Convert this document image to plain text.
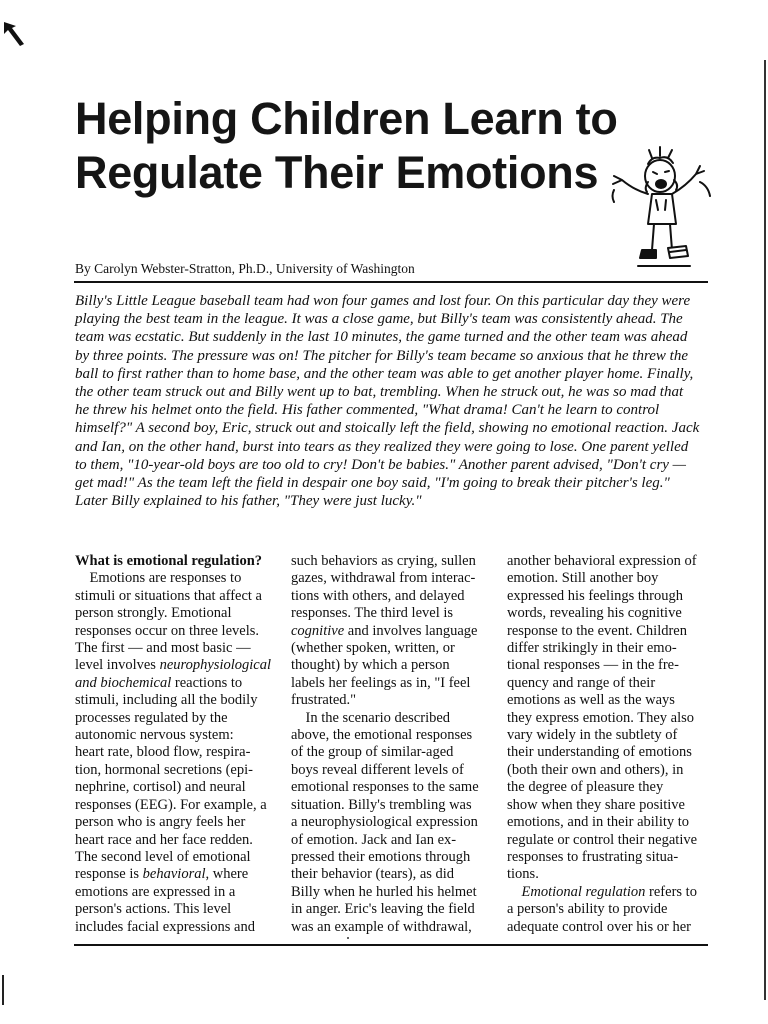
Helping Children Learn to
Regulate Their Emotions
By Carolyn Webster-Stratton, Ph.D., University of Washington
Billy's Little League baseball team had won four games and lost four. On this particular day they were
playing the best team in the league. It was a close game, but Billy's team was consistently ahead. The
team was ecstatic. But suddenly in the last 10 minutes, the game turned and the other team was ahead
by three points. The pressure was on! The pitcher for Billy's team became so anxious that he threw the
ball to first rather than to home base, and the other team was able to get another player home. Finally,
the other team struck out and Billy went up to bat, trembling. When he struck out, he was so mad that
he threw his helmet onto the field. His father commented, "What drama! Can't he learn to control
himself?" A second boy, Eric, struck out and stoically left the field, showing no emotional reaction. Jack
and Ian, on the other hand, burst into tears as they realized they were going to lose. One parent yelled
to them, "10-year-old boys are too old to cry! Don't be babies." Another parent advised, "Don't cry —
get mad!" As the team left the field in despair one boy said, "I'm going to break their pitcher's leg."
Later Billy explained to his father, "They were just lucky."
What is emotional regulation?
Emotions are responses to
stimuli or situations that affect a
person strongly. Emotional
responses occur on three levels.
The first — and most basic —
level involves neurophysiological
and biochemical reactions to
stimuli, including all the bodily
processes regulated by the
autonomic nervous system:
heart rate, blood flow, respira-
tion, hormonal secretions (epi-
nephrine, cortisol) and neural
responses (EEG). For example, a
person who is angry feels her
heart race and her face redden.
The second level of emotional
response is behavioral, where
emotions are expressed in a
person's actions. This level
includes facial expressions and
such behaviors as crying, sullen
gazes, withdrawal from interac-
tions with others, and delayed
responses. The third level is
cognitive and involves language
(whether spoken, written, or
thought) by which a person
labels her feelings as in, "I feel
frustrated."
In the scenario described
above, the emotional responses
of the group of similar-aged
boys reveal different levels of
emotional responses to the same
situation. Billy's trembling was
a neurophysiological expression
of emotion. Jack and Ian ex-
pressed their emotions through
their behavior (tears), as did
Billy when he hurled his helmet
in anger. Eric's leaving the field
was an example of withdrawal,
another behavioral expression of
emotion. Still another boy
expressed his feelings through
words, revealing his cognitive
response to the event. Children
differ strikingly in their emo-
tional responses — in the fre-
quency and range of their
emotions as well as the ways
they express emotion. They also
vary widely in the subtlety of
their understanding of emotions
(both their own and others), in
the degree of pleasure they
show when they share positive
emotions, and in their ability to
regulate or control their negative
responses to frustrating situa-
tions.
Emotional regulation refers to
a person's ability to provide
adequate control over his or her
